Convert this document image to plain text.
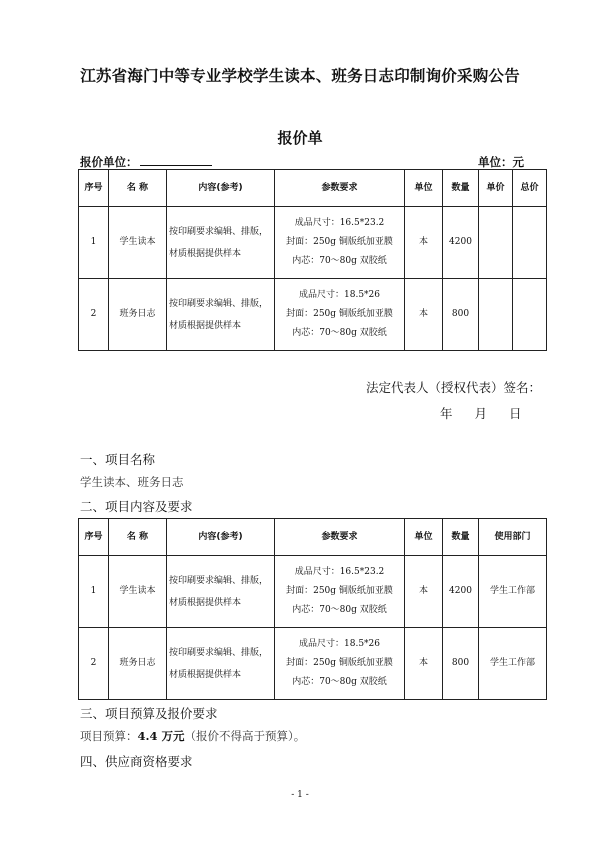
江苏省海门中等专业学校学生读本、班务日志印制询价采购公告
报价单
报价单位：	单位：元
序号	名 称	内容(参考)	参数要求	单位	数量	单价	总价
1	学生读本	按印刷要求编辑、排版，材质根据提供样本	成品尺寸：16.5*23.2
封面：250g 铜版纸加亚膜
内芯：70～80g 双胶纸	本	4200		
2	班务日志	按印刷要求编辑、排版，材质根据提供样本	成品尺寸：18.5*26
封面：250g 铜版纸加亚膜
内芯：70～80g 双胶纸	本	800		
法定代表人（授权代表）签名：
年 月 日
一、项目名称
学生读本、班务日志
二、项目内容及要求
序号	名 称	内容(参考)	参数要求	单位	数量	使用部门
1	学生读本	按印刷要求编辑、排版，材质根据提供样本	成品尺寸：16.5*23.2
封面：250g 铜版纸加亚膜
内芯：70～80g 双胶纸	本	4200	学生工作部
2	班务日志	按印刷要求编辑、排版，材质根据提供样本	成品尺寸：18.5*26
封面：250g 铜版纸加亚膜
内芯：70～80g 双胶纸	本	800	学生工作部
三、项目预算及报价要求
项目预算：4.4 万元（报价不得高于预算）。
四、供应商资格要求
- 1 -
